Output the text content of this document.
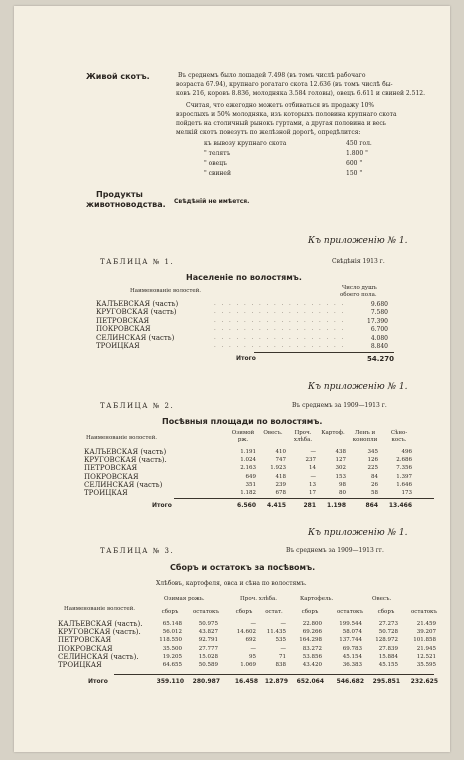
Живой скотъ.	Въ среднемъ было лошадей 7.498 (въ томъ числѣ рабочаго
возраста 67.94), крупнаго рогатаго скота 12.636 (въ томъ числѣ бы-
ковъ 216, коровъ 8.836, молодняка 3.584 головы), овецъ 6.611 и свиней 2.512.
Считая, что ежегодно можетъ отбиваться въ продажу 10%
взрослыхъ и 50% молодняка, изъ которыхъ половина крупнаго скота
пойдетъ на столичный рынокъ гуртами, а другая половина и весь
мелкій скотъ повезутъ по желѣзной дорогѣ, опредѣлится:
къ вывозу крупнаго скота	450 гол.
" телятъ	1.800 "
" овецъ	600 "
" свиней	150 "
Продукты
животноводства. Свѣдѣній не имѣется.
Къ приложенію № 1.
ТАБЛИЦА № 1.	Свѣдѣнія 1913 г.
Населеніе по волостямъ.
Наименованіе волостей.	Число душъ
обоего пола.
КАЛЪЕВСКАЯ (часть)	. . . . . . . . . . . . . . . . . .	9.680
КРУГОВСКАЯ (часть)	. . . . . . . . . . . . . . . . . .	7.580
ПЕТРОВСКАЯ	. . . . . . . . . . . . . . . . . .	17.390
ПОКРОВСКАЯ	. . . . . . . . . . . . . . . . . .	6.700
СЕЛИНСКАЯ (часть)	. . . . . . . . . . . . . . . . . .	4.080
ТРОИЦКАЯ	. . . . . . . . . . . . . . . . . .	8.840
Итого	54.270
Къ приложенію № 1.
ТАБЛИЦА № 2.	Въ среднемъ за 1909—1913 г.
Посѣвныя площади по волостямъ.
Наименованіе волостей.
Озимой
рж.
Овесъ.	Проч.
хлѣба.
Картоф.	Ленъ и
конопли
Сѣно-
косъ.
КАЛЪЕВСКАЯ (часть)	1.191	410	—	438	345	496
КРУГОВСКАЯ (часть).	1.024	747	237	127	126	2.686
ПЕТРОВСКАЯ	2.163	1.923	14	302	225	7.356
ПОКРОВСКАЯ	649	418	—	153	84	1.397
СЕЛИНСКАЯ (часть)	351	239	13	98	26	1.646
ТРОИЦКАЯ	1.182	678	17	80	58	173
Итого	6.560	4.415	281	1.198	864	13.466
Къ приложенію № 1.
ТАБЛИЦА № 3.	Въ среднемъ за 1909—1913 гг.
Сборъ и остатокъ за посѣвомъ.
Хлѣбовъ, картофеля, овса и сѣна по волостямъ.
Наименованіе волостей.
Озимая рожь.	Проч. хлѣба.	Картофель.	Овесъ.
сборъ	остатокъ	сборъ	остат.	сборъ	остатокъ	сборъ	остатокъ
КАЛЪЕВСКАЯ (часть).	65.148	50.975	—	—	22.800	199.544	27.273	21.459
КРУГОВСКАЯ (часть).	56.012	43.827	14.602	11.435	69.266	58.074	50.728	39.207
ПЕТРОВСКАЯ	118.550	92.791	692	535	164.298	137.744	128.972	101.858
ПОКРОВСКАЯ	35.500	27.777	—	—	83.272	69.783	27.839	21.945
СЕЛИНСКАЯ (часть).	19.205	15.028	95	71	53.856	45.154	15.884	12.521
ТРОИЦКАЯ	64.655	50.589	1.069	838	43.420	36.383	45.155	35.595
Итого	359.110	280.987	16.458	12.879	652.064	546.682	295.851	232.625
